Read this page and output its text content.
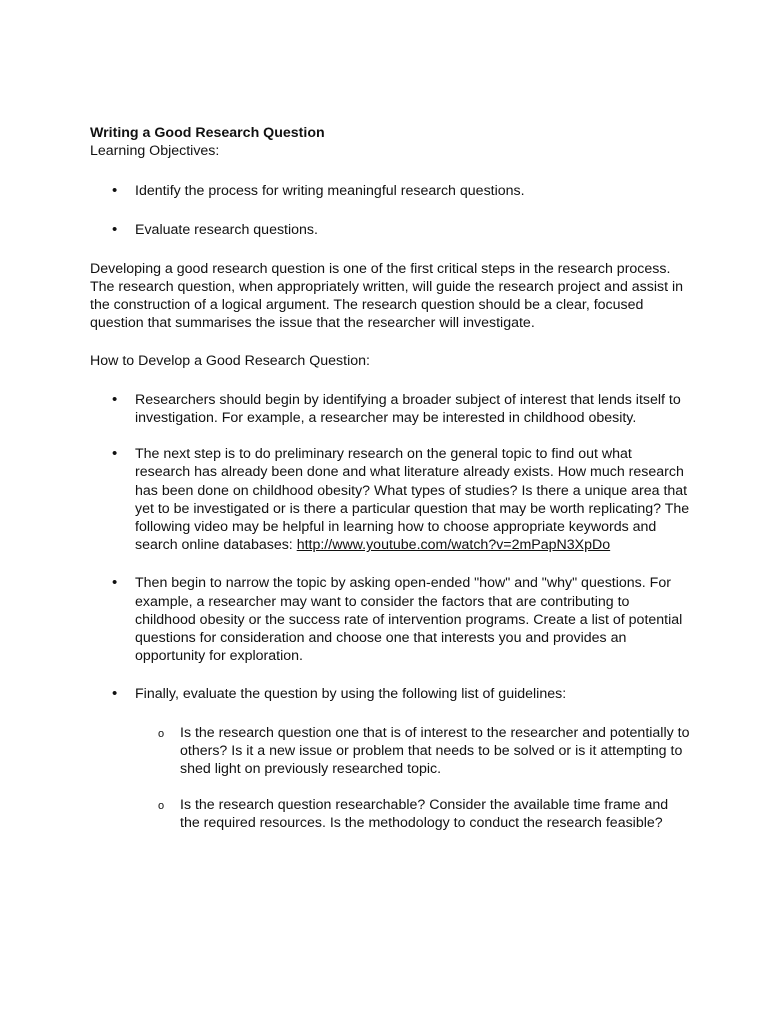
Writing a Good Research Question

Learning Objectives:

• Identify the process for writing meaningful research questions.
• Evaluate research questions.

Developing a good research question is one of the first critical steps in the research process. The research question, when appropriately written, will guide the research project and assist in the construction of a logical argument. The research question should be a clear, focused question that summarises the issue that the researcher will investigate.

How to Develop a Good Research Question:

• Researchers should begin by identifying a broader subject of interest that lends itself to investigation. For example, a researcher may be interested in childhood obesity.
• The next step is to do preliminary research on the general topic to find out what research has already been done and what literature already exists. How much research has been done on childhood obesity? What types of studies? Is there a unique area that yet to be investigated or is there a particular question that may be worth replicating? The following video may be helpful in learning how to choose appropriate keywords and search online databases: http://www.youtube.com/watch?v=2mPapN3XpDo
• Then begin to narrow the topic by asking open-ended "how" and "why" questions. For example, a researcher may want to consider the factors that are contributing to childhood obesity or the success rate of intervention programs. Create a list of potential questions for consideration and choose one that interests you and provides an opportunity for exploration.
• Finally, evaluate the question by using the following list of guidelines:
o Is the research question one that is of interest to the researcher and potentially to others? Is it a new issue or problem that needs to be solved or is it attempting to shed light on previously researched topic.
o Is the research question researchable? Consider the available time frame and the required resources. Is the methodology to conduct the research feasible?
